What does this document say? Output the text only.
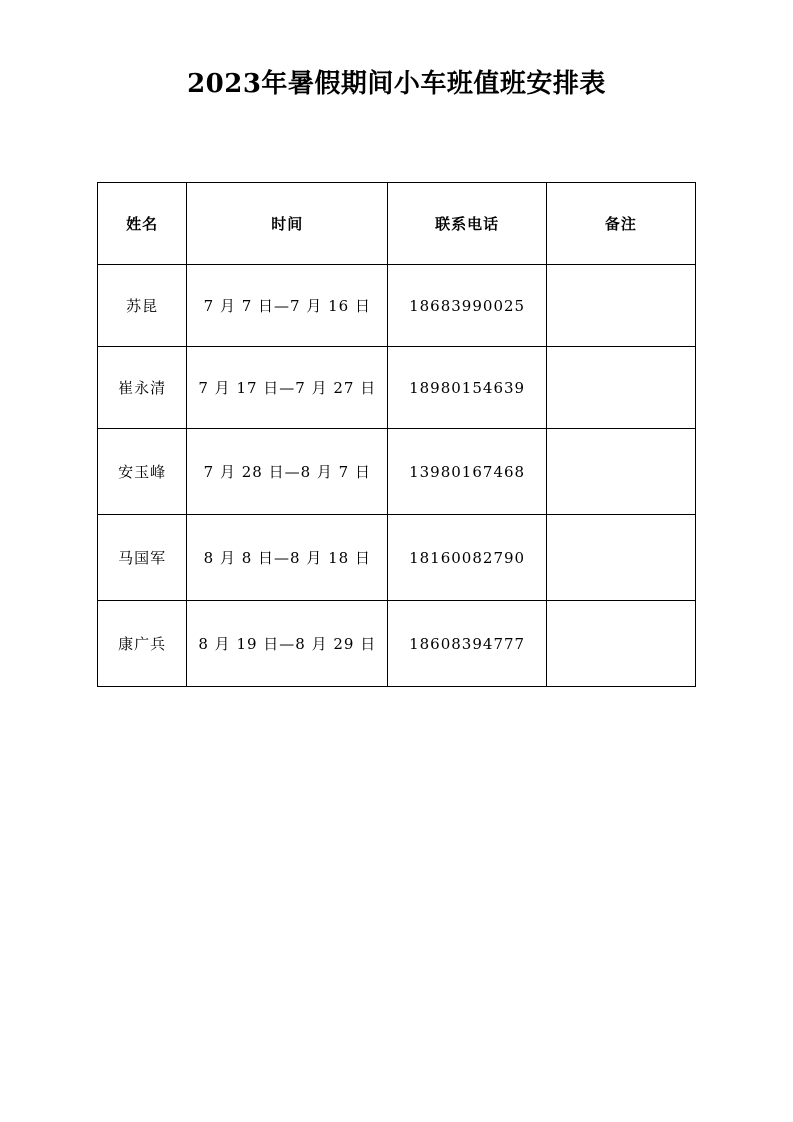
2023年暑假期间小车班值班安排表
姓名	时间	联系电话	备注
苏昆	7 月 7 日—7 月 16 日	18683990025	
崔永清	7 月 17 日—7 月 27 日	18980154639	
安玉峰	7 月 28 日—8 月 7 日	13980167468	
马国军	8 月 8 日—8 月 18 日	18160082790	
康广兵	8 月 19 日—8 月 29 日	18608394777	
